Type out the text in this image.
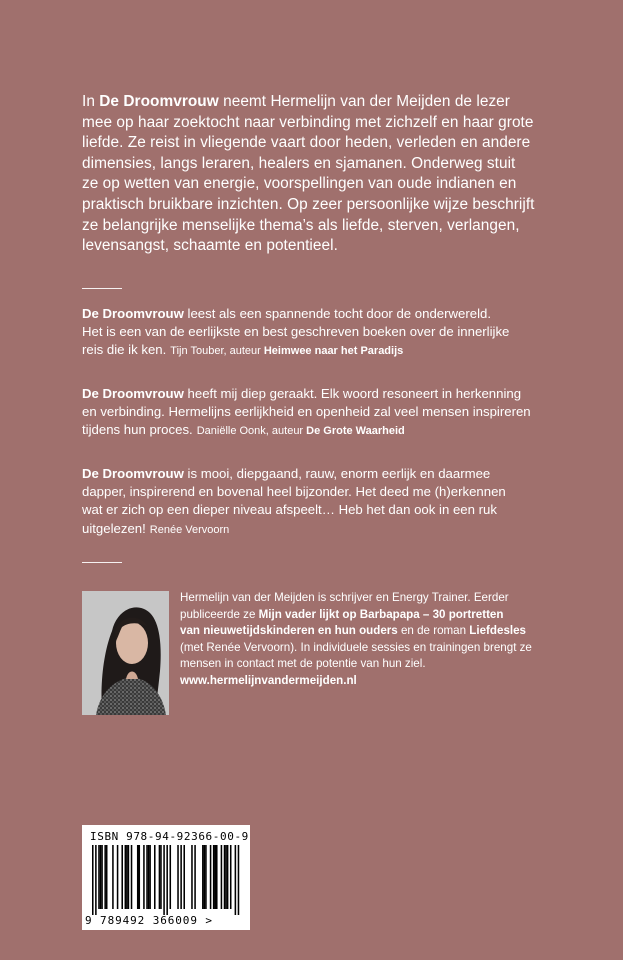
In De Droomvrouw neemt Hermelijn van der Meijden de lezer
mee op haar zoektocht naar verbinding met zichzelf en haar grote
liefde. Ze reist in vliegende vaart door heden, verleden en andere
dimensies, langs leraren, healers en sjamanen. Onderweg stuit
ze op wetten van energie, voorspellingen van oude indianen en
praktisch bruikbare inzichten. Op zeer persoonlijke wijze beschrijft
ze belangrijke menselijke thema’s als liefde, sterven, verlangen,
levensangst, schaamte en potentieel.

De Droomvrouw leest als een spannende tocht door de onderwereld.
Het is een van de eerlijkste en best geschreven boeken over de innerlijke
reis die ik ken. Tijn Touber, auteur Heimwee naar het Paradijs
De Droomvrouw heeft mij diep geraakt. Elk woord resoneert in herkenning
en verbinding. Hermelijns eerlijkheid en openheid zal veel mensen inspireren
tijdens hun proces. Daniëlle Oonk, auteur De Grote Waarheid
De Droomvrouw is mooi, diepgaand, rauw, enorm eerlijk en daarmee
dapper, inspirerend en bovenal heel bijzonder. Het deed me (h)erkennen
wat er zich op een dieper niveau afspeelt… Heb het dan ook in een ruk
uitgelezen! Renée Vervoorn
Hermelijn van der Meijden is schrijver en Energy Trainer. Eerder
publiceerde ze Mijn vader lijkt op Barbapapa – 30 portretten
van nieuwetijdskinderen en hun ouders en de roman Liefdesles
(met Renée Vervoorn). In individuele sessies en trainingen brengt ze
mensen in contact met de potentie van hun ziel.
www.hermelijnvandermeijden.nl
ISBN 978-94-92366-00-9
9 789492 366009 >
